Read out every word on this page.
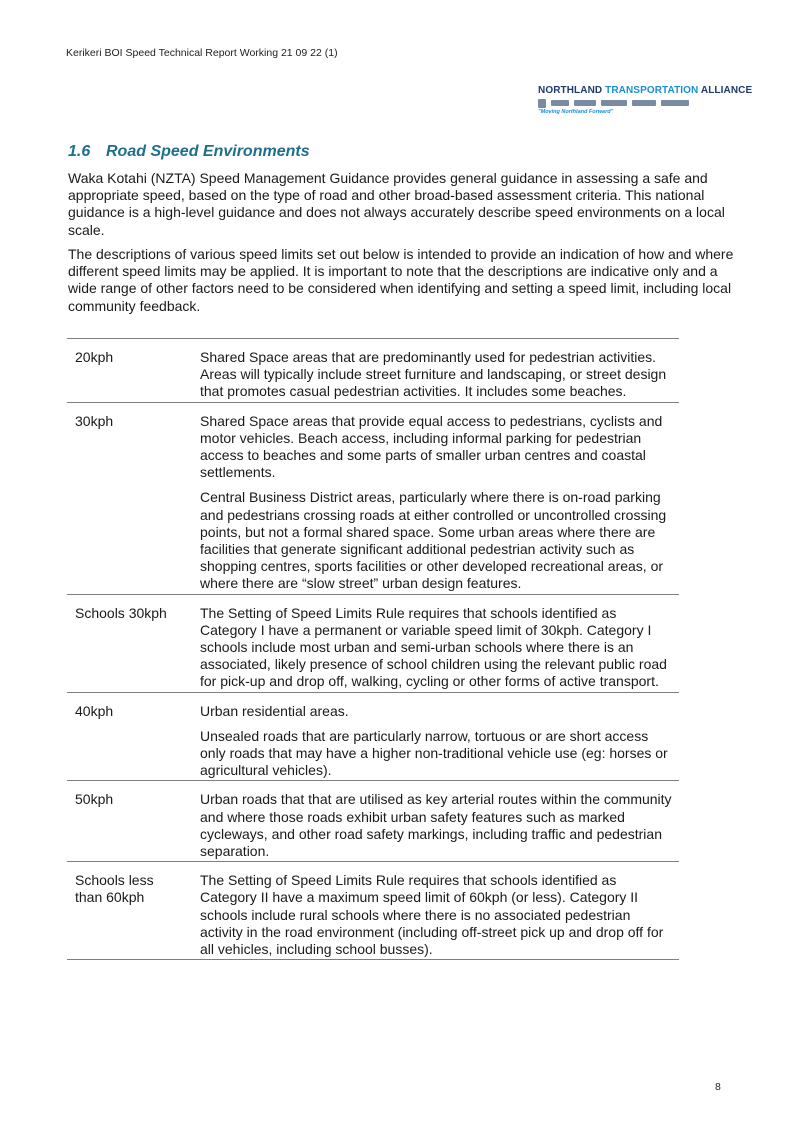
Kerikeri BOI Speed Technical Report Working 21 09 22 (1)
NORTHLAND TRANSPORTATION ALLIANCE
"Moving Northland Forward"
1.6 Road Speed Environments

Waka Kotahi (NZTA) Speed Management Guidance provides general guidance in assessing a safe and appropriate speed, based on the type of road and other broad-based assessment criteria. This national guidance is a high-level guidance and does not always accurately describe speed environments on a local scale.

The descriptions of various speed limits set out below is intended to provide an indication of how and where different speed limits may be applied. It is important to note that the descriptions are indicative only and a wide range of other factors need to be considered when identifying and setting a speed limit, including local community feedback.

20kph	Shared Space areas that are predominantly used for pedestrian activities. Areas will typically include street furniture and landscaping, or street design that promotes casual pedestrian activities. It includes some beaches.

30kph	Shared Space areas that provide equal access to pedestrians, cyclists and motor vehicles. Beach access, including informal parking for pedestrian access to beaches and some parts of smaller urban centres and coastal settlements.

Central Business District areas, particularly where there is on-road parking and pedestrians crossing roads at either controlled or uncontrolled crossing points, but not a formal shared space. Some urban areas where there are facilities that generate significant additional pedestrian activity such as shopping centres, sports facilities or other developed recreational areas, or where there are “slow street” urban design features.

Schools 30kph	The Setting of Speed Limits Rule requires that schools identified as Category I have a permanent or variable speed limit of 30kph. Category I schools include most urban and semi-urban schools where there is an associated, likely presence of school children using the relevant public road for pick-up and drop off, walking, cycling or other forms of active transport.

40kph	Urban residential areas.

Unsealed roads that are particularly narrow, tortuous or are short access only roads that may have a higher non-traditional vehicle use (eg: horses or agricultural vehicles).

50kph	Urban roads that that are utilised as key arterial routes within the community and where those roads exhibit urban safety features such as marked cycleways, and other road safety markings, including traffic and pedestrian separation.

Schools less than 60kph	The Setting of Speed Limits Rule requires that schools identified as Category II have a maximum speed limit of 60kph (or less). Category II schools include rural schools where there is no associated pedestrian activity in the road environment (including off-street pick up and drop off for all vehicles, including school busses).

8
